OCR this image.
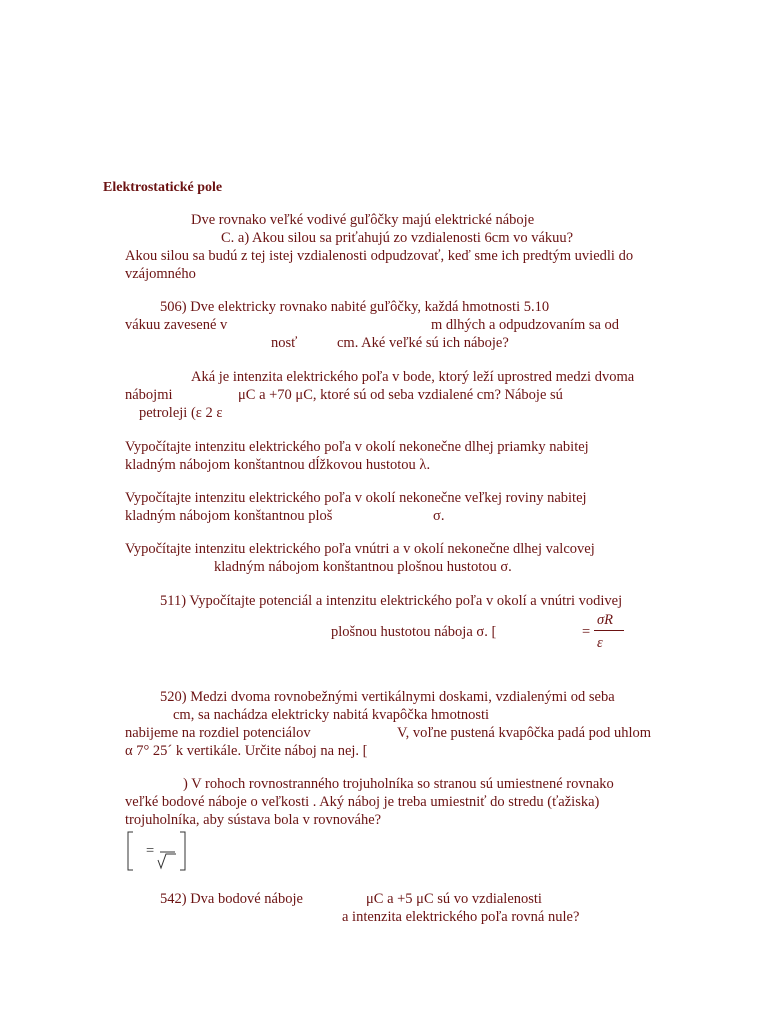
Elektrostatické pole
Dve rovnako veľké vodivé guľôčky majú elektrické náboje
C. a) Akou silou sa priťahujú zo vzdialenosti 6cm vo vákuu?
Akou silou sa budú z tej istej vzdialenosti odpudzovať, keď sme ich predtým uviedli do
vzájomného
506) Dve elektricky rovnako nabité guľôčky, každá hmotnosti 5.10
vákuu zavesené v	m dlhých a odpudzovaním sa od
nosť	cm. Aké veľké sú ich náboje?
Aká je intenzita elektrického poľa v bode, ktorý leží uprostred medzi dvoma
nábojmi	μC a +70 μC, ktoré sú od seba vzdialené cm? Náboje sú
petroleji (ε 2 ε
Vypočítajte intenzitu elektrického poľa v okolí nekonečne dlhej priamky nabitej
kladným nábojom konštantnou dĺžkovou hustotou λ.
Vypočítajte intenzitu elektrického poľa v okolí nekonečne veľkej roviny nabitej
kladným nábojom konštantnou ploš	σ.
Vypočítajte intenzitu elektrického poľa vnútri a v okolí nekonečne dlhej valcovej
kladným nábojom konštantnou plošnou hustotou σ.
511) Vypočítajte potenciál a intenzitu elektrického poľa v okolí a vnútri vodivej
plošnou hustotou náboja σ. [	=
σR
ε
520) Medzi dvoma rovnobežnými vertikálnymi doskami, vzdialenými od seba
cm, sa nachádza elektricky nabitá kvapôčka hmotnosti
nabijeme na rozdiel potenciálov	V, voľne pustená kvapôčka padá pod uhlom
α 7° 25´ k vertikále. Určite náboj na nej. [
) V rohoch rovnostranného trojuholníka so stranou sú umiestnené rovnako
veľké bodové náboje o veľkosti . Aký náboj je treba umiestniť do stredu (ťažiska)
trojuholníka, aby sústava bola v rovnováhe?
=
542) Dva bodové náboje	μC a +5 μC sú vo vzdialenosti
a intenzita elektrického poľa rovná nule?
